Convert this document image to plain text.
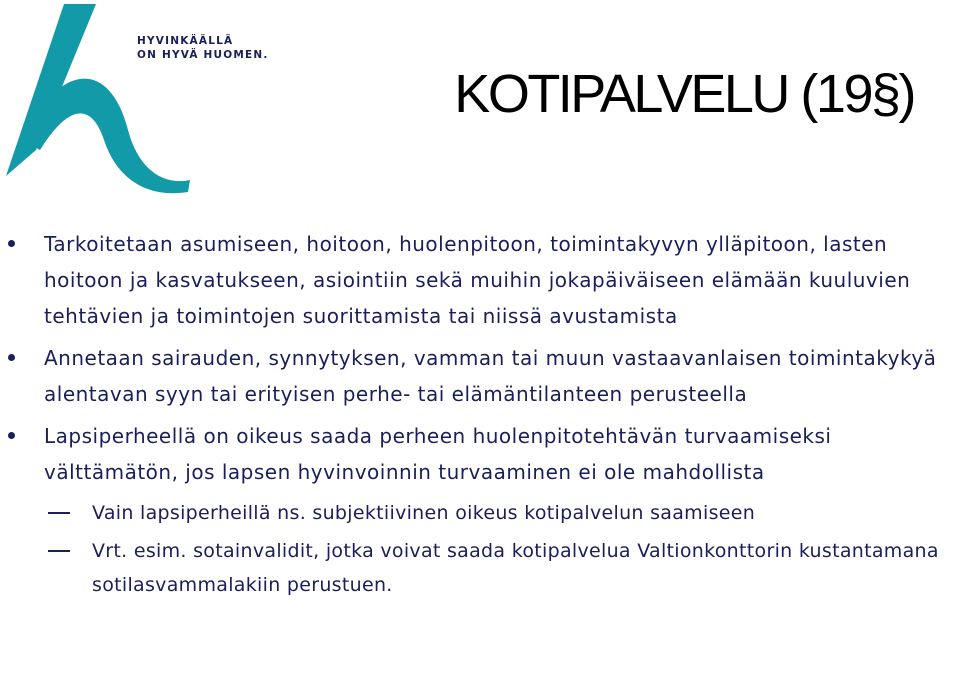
HYVINKÄÄLLÄ
ON HYVÄ HUOMEN.
KOTIPALVELU (19§)
Tarkoitetaan asumiseen, hoitoon, huolenpitoon, toimintakyvyn ylläpitoon, lasten hoitoon ja kasvatukseen, asiointiin sekä muihin jokapäiväiseen elämään kuuluvien tehtävien ja toimintojen suorittamista tai niissä avustamista
Annetaan sairauden, synnytyksen, vamman tai muun vastaavanlaisen toimintakykyä alentavan syyn tai erityisen perhe- tai elämäntilanteen perusteella
Lapsiperheellä on oikeus saada perheen huolenpitotehtävän turvaamiseksi välttämätön, jos lapsen hyvinvoinnin turvaaminen ei ole mahdollista
Vain lapsiperheillä ns. subjektiivinen oikeus kotipalvelun saamiseen
Vrt. esim. sotainvalidit, jotka voivat saada kotipalvelua Valtionkonttorin kustantamana sotilasvammalakiin perustuen.
